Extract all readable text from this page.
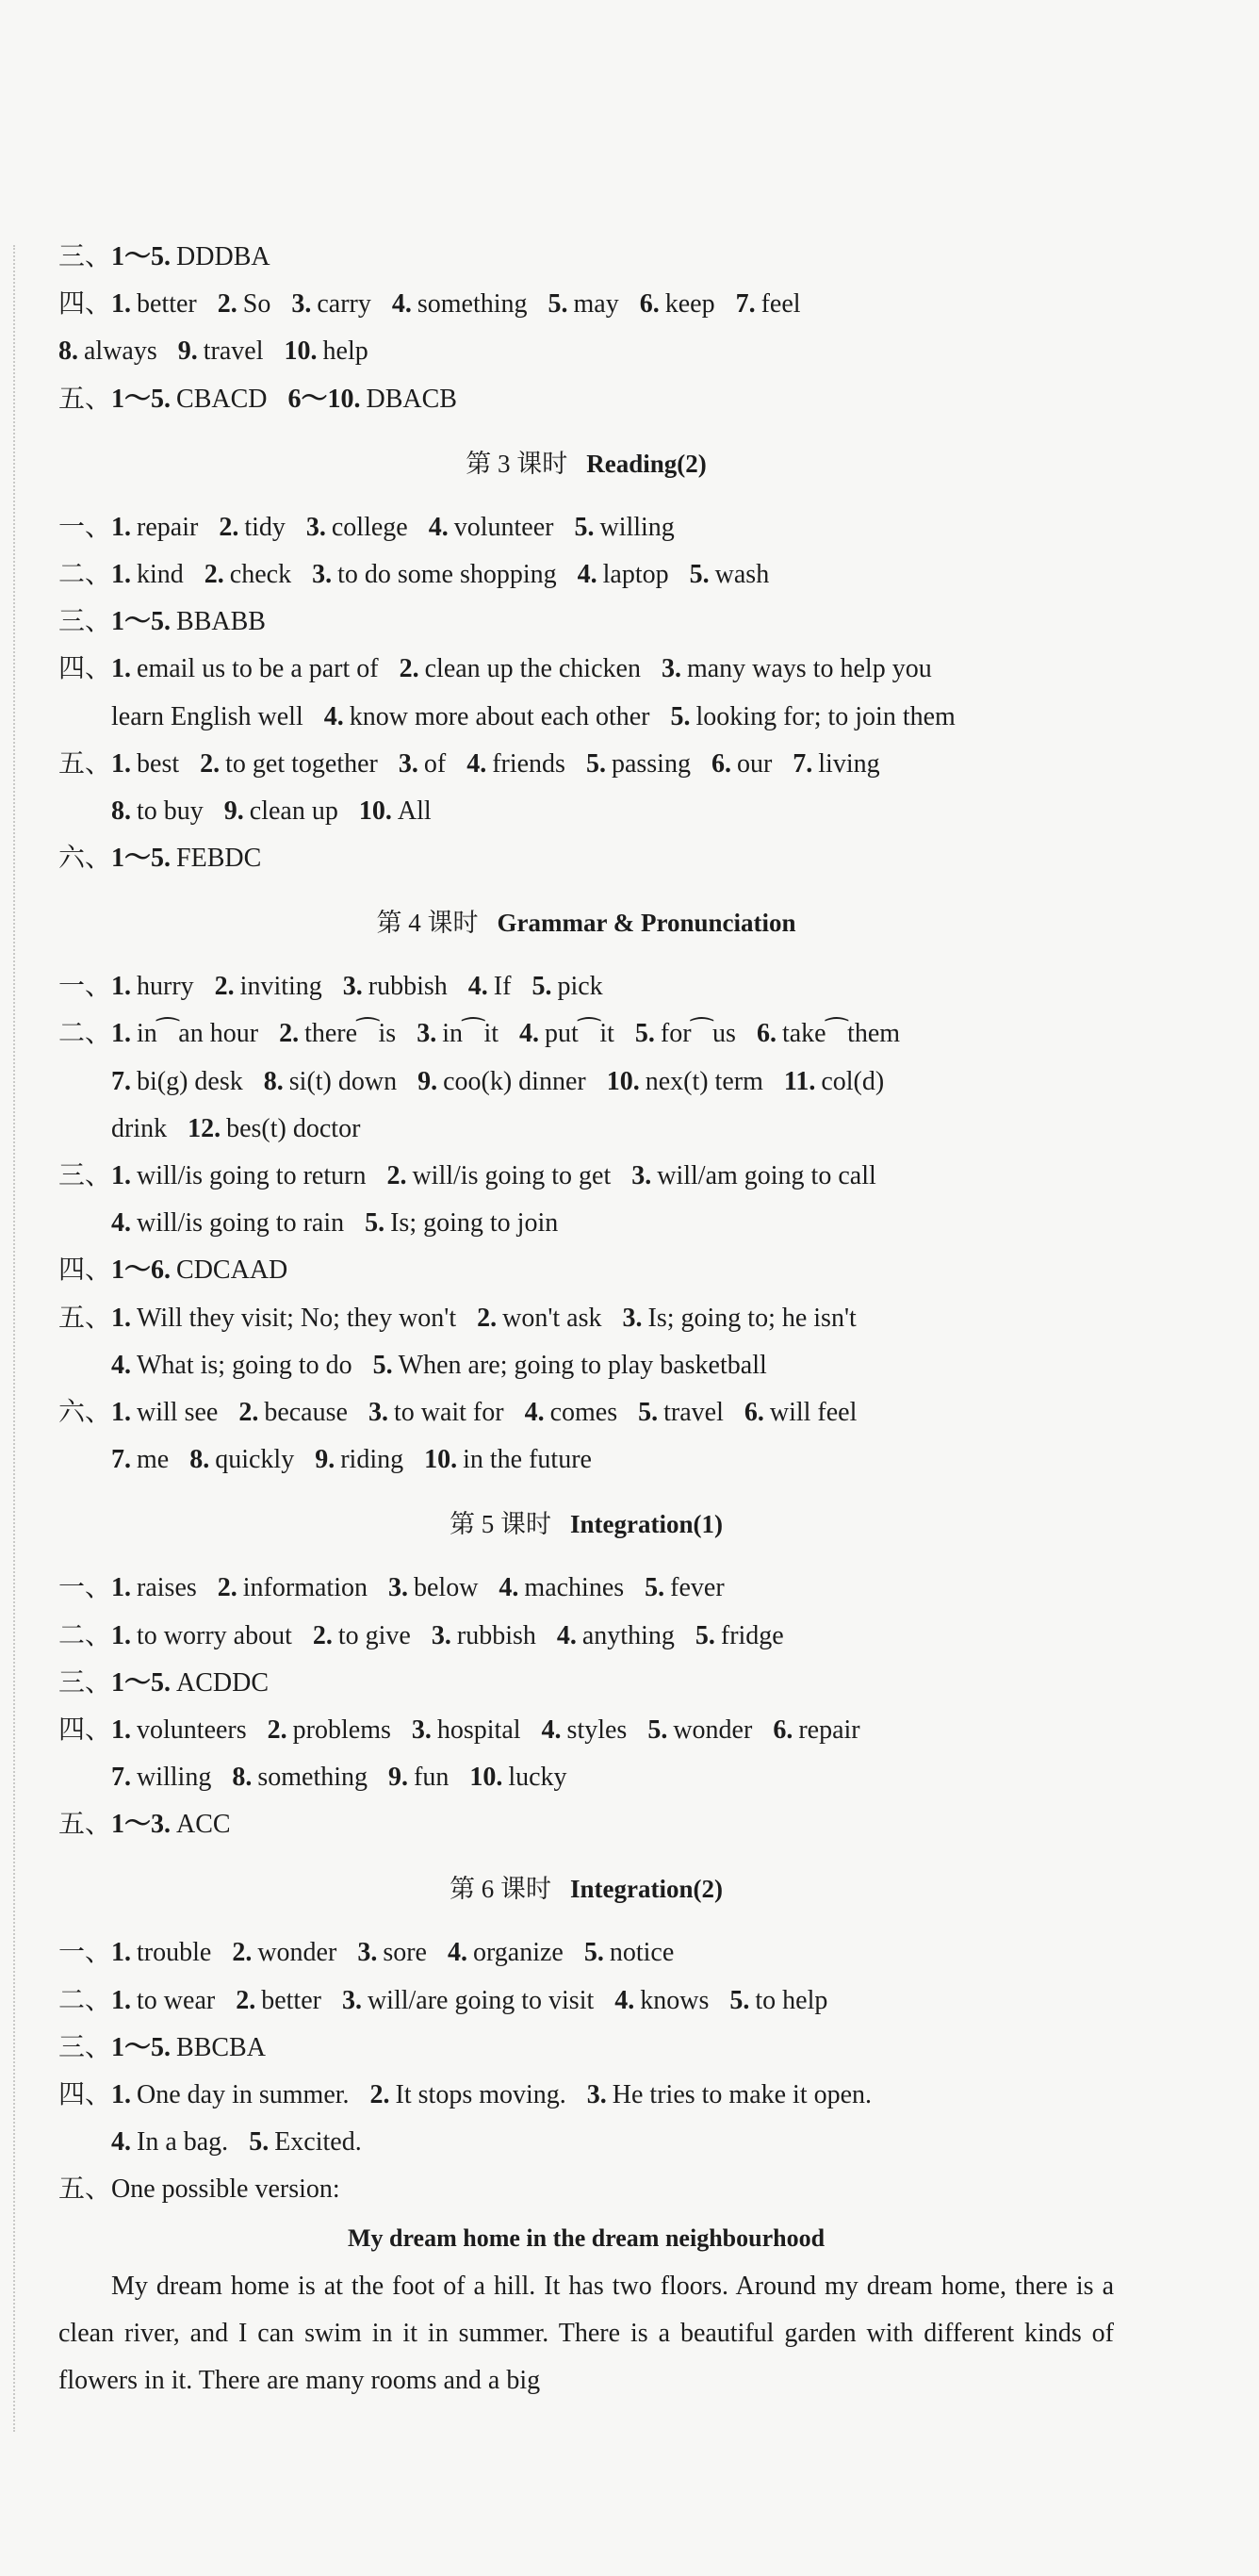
三、 1～5. DDDBA
四、 1. better 2. So 3. carry 4. something 5. may 6. keep 7. feel
8. always 9. travel 10. help
五、 1～5. CBACD 6～10. DBACB
第 3 课时 Reading(2)
一、 1. repair 2. tidy 3. college 4. volunteer 5. willing
二、 1. kind 2. check 3. to do some shopping 4. laptop 5. wash
三、 1～5. BBABB
四、 1. email us to be a part of 2. clean up the chicken 3. many ways to help you
learn English well 4. know more about each other 5. looking for; to join them
五、 1. best 2. to get together 3. of 4. friends 5. passing 6. our 7. living
8. to buy 9. clean up 10. All
六、 1～5. FEBDC
第 4 课时 Grammar & Pronunciation
一、 1. hurry 2. inviting 3. rubbish 4. If 5. pick
二、 1. in⁀an hour 2. there⁀is 3. in⁀it 4. put⁀it 5. for⁀us 6. take⁀them
7. bi(g) desk 8. si(t) down 9. coo(k) dinner 10. nex(t) term 11. col(d)
drink 12. bes(t) doctor
三、 1. will/is going to return 2. will/is going to get 3. will/am going to call
4. will/is going to rain 5. Is; going to join
四、 1～6. CDCAAD
五、 1. Will they visit; No; they won't 2. won't ask 3. Is; going to; he isn't
4. What is; going to do 5. When are; going to play basketball
六、 1. will see 2. because 3. to wait for 4. comes 5. travel 6. will feel
7. me 8. quickly 9. riding 10. in the future
第 5 课时 Integration(1)
一、 1. raises 2. information 3. below 4. machines 5. fever
二、 1. to worry about 2. to give 3. rubbish 4. anything 5. fridge
三、 1～5. ACDDC
四、 1. volunteers 2. problems 3. hospital 4. styles 5. wonder 6. repair
7. willing 8. something 9. fun 10. lucky
五、 1～3. ACC
第 6 课时 Integration(2)
一、 1. trouble 2. wonder 3. sore 4. organize 5. notice
二、 1. to wear 2. better 3. will/are going to visit 4. knows 5. to help
三、 1～5. BBCBA
四、 1. One day in summer. 2. It stops moving. 3. He tries to make it open.
4. In a bag. 5. Excited.
五、 One possible version:
My dream home in the dream neighbourhood
My dream home is at the foot of a hill. It has two floors. Around my dream home, there is a clean river, and I can swim in it in summer. There is a beautiful garden with different kinds of flowers in it. There are many rooms and a big
